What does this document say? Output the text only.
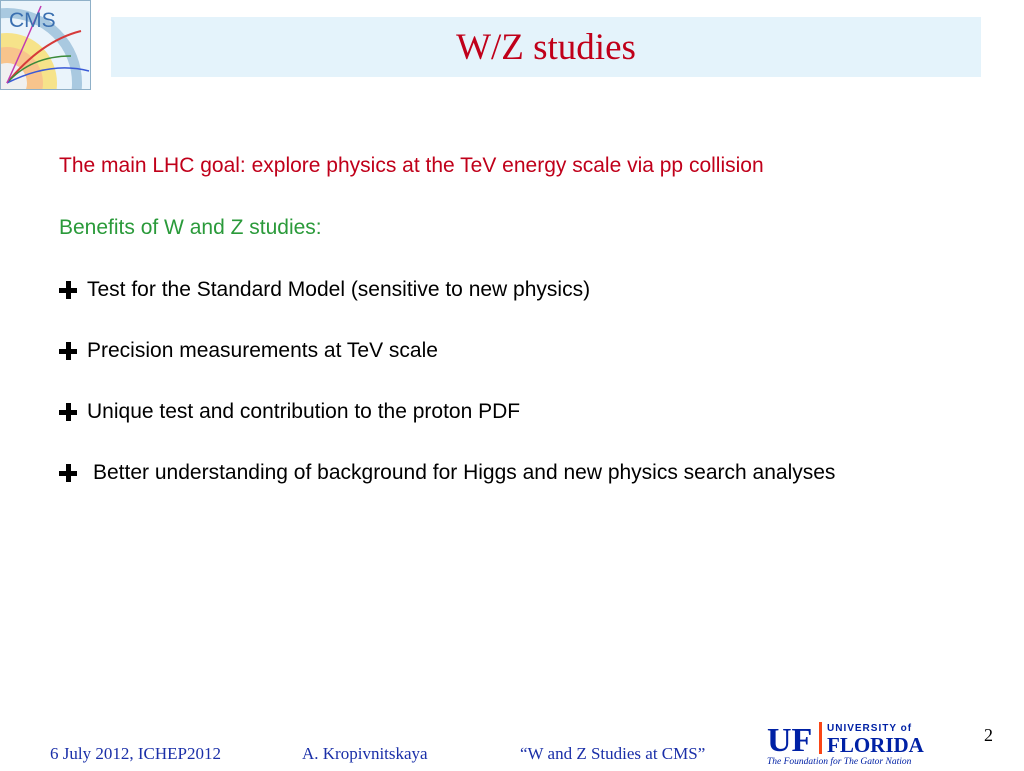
CMS
W/Z studies
The main LHC goal: explore physics at the TeV energy scale via pp collision
Benefits of W and Z studies:
Test for the Standard Model (sensitive to new physics)
Precision measurements at TeV scale
Unique test and contribution to the proton PDF
Better understanding of background for Higgs and new physics search analyses
6 July 2012, ICHEP2012	A. Kropivnitskaya	“W and Z Studies at CMS”
2
UF UNIVERSITY of
FLORIDA
The Foundation for The Gator Nation
